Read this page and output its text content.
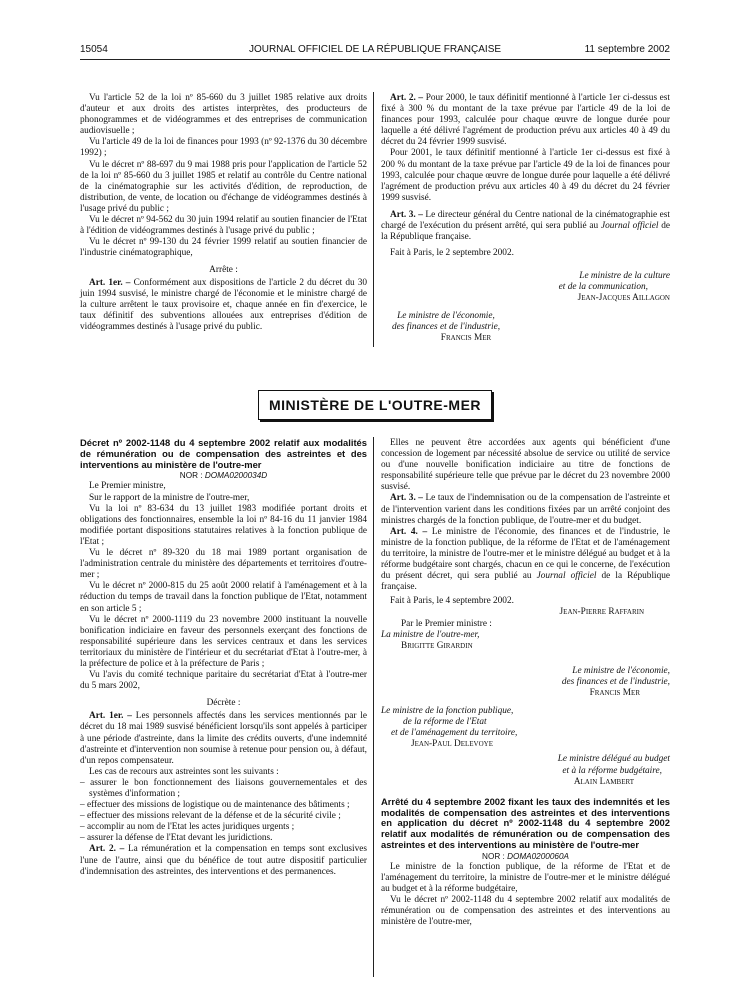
15054	JOURNAL OFFICIEL DE LA RÉPUBLIQUE FRANÇAISE	11 septembre 2002

Vu l'article 52 de la loi nº 85-660 du 3 juillet 1985 relative aux droits d'auteur et aux droits des artistes interprètes, des producteurs de phonogrammes et de vidéogrammes et des entreprises de communication audiovisuelle ;

Vu l'article 49 de la loi de finances pour 1993 (nº 92-1376 du 30 décembre 1992) ;

Vu le décret nº 88-697 du 9 mai 1988 pris pour l'application de l'article 52 de la loi nº 85-660 du 3 juillet 1985 et relatif au contrôle du Centre national de la cinématographie sur les activités d'édition, de reproduction, de distribution, de vente, de location ou d'échange de vidéogrammes destinés à l'usage privé du public ;

Vu le décret nº 94-562 du 30 juin 1994 relatif au soutien financier de l'Etat à l'édition de vidéogrammes destinés à l'usage privé du public ;

Vu le décret nº 99-130 du 24 février 1999 relatif au soutien financier de l'industrie cinématographique,

Arrête :

Art. 1er. – Conformément aux dispositions de l'article 2 du décret du 30 juin 1994 susvisé, le ministre chargé de l'économie et le ministre chargé de la culture arrêtent le taux provisoire et, chaque année en fin d'exercice, le taux définitif des subventions allouées aux entreprises d'édition de vidéogrammes destinés à l'usage privé du public.

Art. 2. – Pour 2000, le taux définitif mentionné à l'article 1er ci-dessus est fixé à 300 % du montant de la taxe prévue par l'article 49 de la loi de finances pour 1993, calculée pour chaque œuvre de longue durée pour laquelle a été délivré l'agrément de production prévu aux articles 40 à 49 du décret du 24 février 1999 susvisé.

Pour 2001, le taux définitif mentionné à l'article 1er ci-dessus est fixé à 200 % du montant de la taxe prévue par l'article 49 de la loi de finances pour 1993, calculée pour chaque œuvre de longue durée pour laquelle a été délivré l'agrément de production prévu aux articles 40 à 49 du décret du 24 février 1999 susvisé.

Art. 3. – Le directeur général du Centre national de la cinématographie est chargé de l'exécution du présent arrêté, qui sera publié au Journal officiel de la République française.

Fait à Paris, le 2 septembre 2002.

Le ministre de la culture
et de la communication,
Jean-Jacques Aillagon
Le ministre de l'économie,
des finances et de l'industrie,
Francis Mer
MINISTÈRE DE L'OUTRE-MER

Décret nº 2002-1148 du 4 septembre 2002 relatif aux modalités de rémunération ou de compensation des astreintes et des interventions au ministère de l'outre-mer

NOR : DOMA0200034D

Le Premier ministre,

Sur le rapport de la ministre de l'outre-mer,

Vu la loi nº 83-634 du 13 juillet 1983 modifiée portant droits et obligations des fonctionnaires, ensemble la loi nº 84-16 du 11 janvier 1984 modifiée portant dispositions statutaires relatives à la fonction publique de l'Etat ;

Vu le décret nº 89-320 du 18 mai 1989 portant organisation de l'administration centrale du ministère des départements et territoires d'outre-mer ;

Vu le décret nº 2000-815 du 25 août 2000 relatif à l'aménagement et à la réduction du temps de travail dans la fonction publique de l'Etat, notamment en son article 5 ;

Vu le décret nº 2000-1119 du 23 novembre 2000 instituant la nouvelle bonification indiciaire en faveur des personnels exerçant des fonctions de responsabilité supérieure dans les services centraux et dans les services territoriaux du ministère de l'intérieur et du secrétariat d'Etat à l'outre-mer, à la préfecture de police et à la préfecture de Paris ;

Vu l'avis du comité technique paritaire du secrétariat d'Etat à l'outre-mer du 5 mars 2002,

Décrète :

Art. 1er. – Les personnels affectés dans les services mentionnés par le décret du 18 mai 1989 susvisé bénéficient lorsqu'ils sont appelés à participer à une période d'astreinte, dans la limite des crédits ouverts, d'une indemnité d'astreinte et d'intervention non soumise à retenue pour pension ou, à défaut, d'un repos compensateur.

Les cas de recours aux astreintes sont les suivants :

– assurer le bon fonctionnement des liaisons gouvernementales et des systèmes d'information ;

– effectuer des missions de logistique ou de maintenance des bâtiments ;

– effectuer des missions relevant de la défense et de la sécurité civile ;

– accomplir au nom de l'Etat les actes juridiques urgents ;

– assurer la défense de l'Etat devant les juridictions.

Art. 2. – La rémunération et la compensation en temps sont exclusives l'une de l'autre, ainsi que du bénéfice de tout autre dispositif particulier d'indemnisation des astreintes, des interventions et des permanences.

Elles ne peuvent être accordées aux agents qui bénéficient d'une concession de logement par nécessité absolue de service ou utilité de service ou d'une nouvelle bonification indiciaire au titre de fonctions de responsabilité supérieure telle que prévue par le décret du 23 novembre 2000 susvisé.

Art. 3. – Le taux de l'indemnisation ou de la compensation de l'astreinte et de l'intervention varient dans les conditions fixées par un arrêté conjoint des ministres chargés de la fonction publique, de l'outre-mer et du budget.

Art. 4. – Le ministre de l'économie, des finances et de l'industrie, le ministre de la fonction publique, de la réforme de l'Etat et de l'aménagement du territoire, la ministre de l'outre-mer et le ministre délégué au budget et à la réforme budgétaire sont chargés, chacun en ce qui le concerne, de l'exécution du présent décret, qui sera publié au Journal officiel de la République française.

Fait à Paris, le 4 septembre 2002.

Jean-Pierre Raffarin

Par le Premier ministre :

La ministre de l'outre-mer,
Brigitte Girardin
Le ministre de l'économie,
des finances et de l'industrie,
Francis Mer
Le ministre de la fonction publique,
de la réforme de l'Etat
et de l'aménagement du territoire,
Jean-Paul Delevoye
Le ministre délégué au budget
et à la réforme budgétaire,
Alain Lambert

Arrêté du 4 septembre 2002 fixant les taux des indemnités et les modalités de compensation des astreintes et des interventions en application du décret nº 2002-1148 du 4 septembre 2002 relatif aux modalités de rémunération ou de compensation des astreintes et des interventions au ministère de l'outre-mer

NOR : DOMA0200060A

Le ministre de la fonction publique, de la réforme de l'Etat et de l'aménagement du territoire, la ministre de l'outre-mer et le ministre délégué au budget et à la réforme budgétaire,

Vu le décret nº 2002-1148 du 4 septembre 2002 relatif aux modalités de rémunération ou de compensation des astreintes et des interventions au ministère de l'outre-mer,
